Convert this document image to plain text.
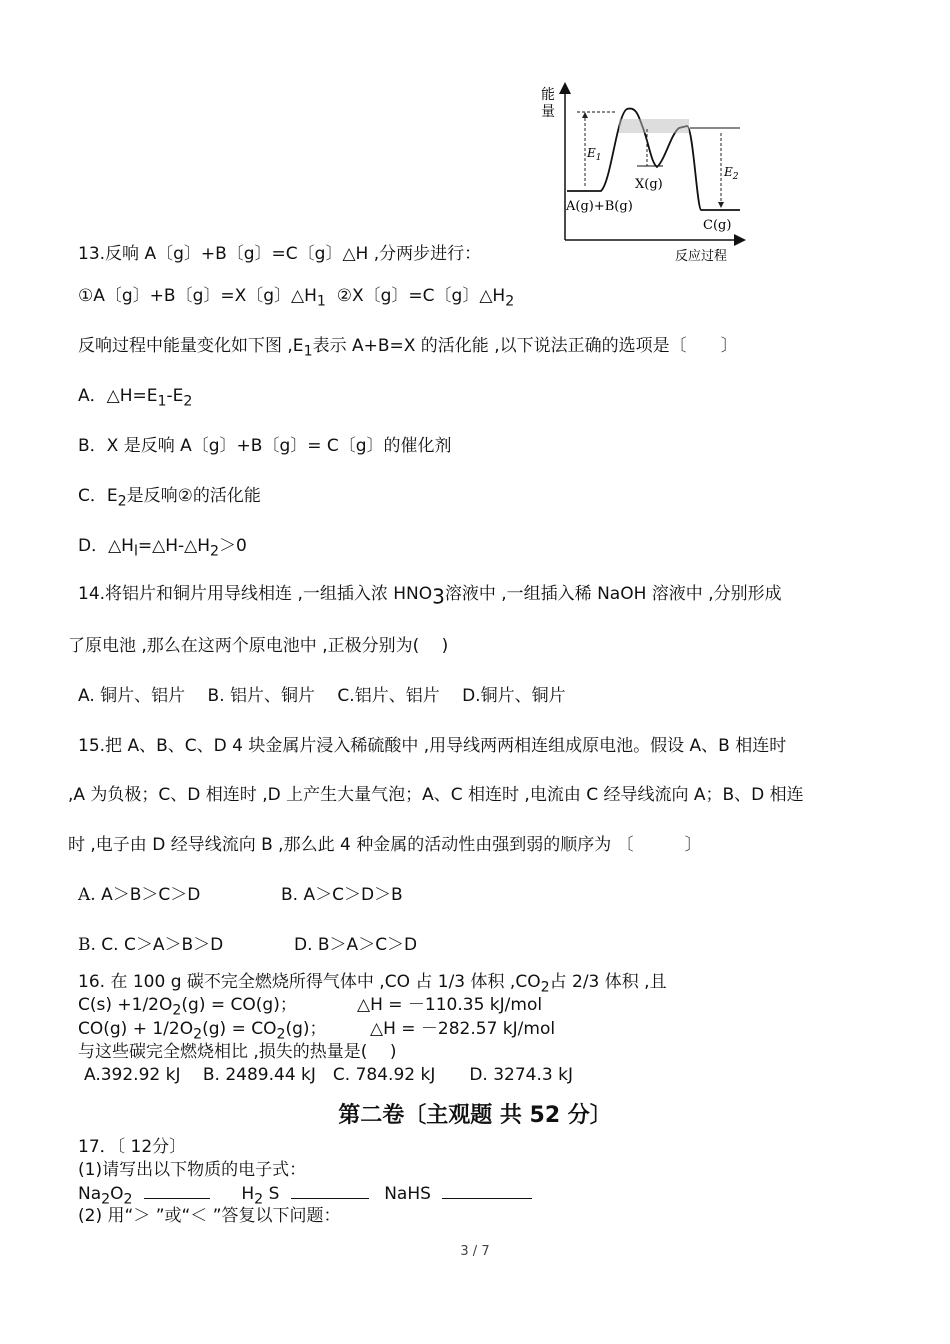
能
量
$E_1$
$E_2$
X(g)
A(g)+B(g)
C(g)
反应过程
13.反响 A〔g〕+B〔g〕=C〔g〕△H ,分两步进行：
①A〔g〕+B〔g〕=X〔g〕$\triangle H_1$ ②X〔g〕=C〔g〕$\triangle H_2$
反响过程中能量变化如下图 $,E_1$表示 A+B=X 的活化能 ,以下说法正确的选项是〔　　〕
A．$\triangle H=E_1-E_2$
B．X 是反响 A〔g〕+B〔g〕= C〔g〕的催化剂
C．$E_2$是反响②的活化能
D．$\triangle H_l=\triangle H-\triangle H_2>0$
14.将铝片和铜片用导线相连 ,一组插入浓 $HNO_3$溶液中 ,一组插入稀 NaOH 溶液中 ,分别形成
了原电池 ,那么在这两个原电池中 ,正极分别为(　 )
A. 铜片、铝片　 B. 铝片、铜片　 C.铝片、铝片　 D.铜片、铜片
15.把 A、B、C、D 4 块金属片浸入稀硫酸中 ,用导线两两相连组成原电池。假设 A、B 相连时
,A 为负极；C、D 相连时 ,D 上产生大量气泡；A、C 相连时 ,电流由 C 经导线流向 A；B、D 相连
时 ,电子由 D 经导线流向 B ,那么此 4 种金属的活动性由强到弱的顺序为 〔　　　〕
A. A＞B＞C＞D	B. A＞C＞D＞B
B. C. C＞A＞B＞D	D. B＞A＞C＞D
16. 在 100 g 碳不完全燃烧所得气体中 ,CO 占 1/3 体积 $,CO_2$占 2/3 体积 ,且
$C(s) +1/2O_2(g) = CO(g)$；	△H = －110.35 kJ/mol
$CO(g) + 1/2O_2(g) = CO_2(g)$；	△H = －282.57 kJ/mol
与这些碳完全燃烧相比 ,损失的热量是(　 )
A.392.92 kJ　 B. 2489.44 kJ　C. 784.92 kJ　　D. 3274.3 kJ
第二卷〔主观题 共 52 分〕
17．〔 12分〕
(1)请写出以下物质的电子式：
$Na_2O_2$	$H_2$ S	NaHS
(2) 用“＞ ”或“＜ ”答复以下问题：
3 / 7
